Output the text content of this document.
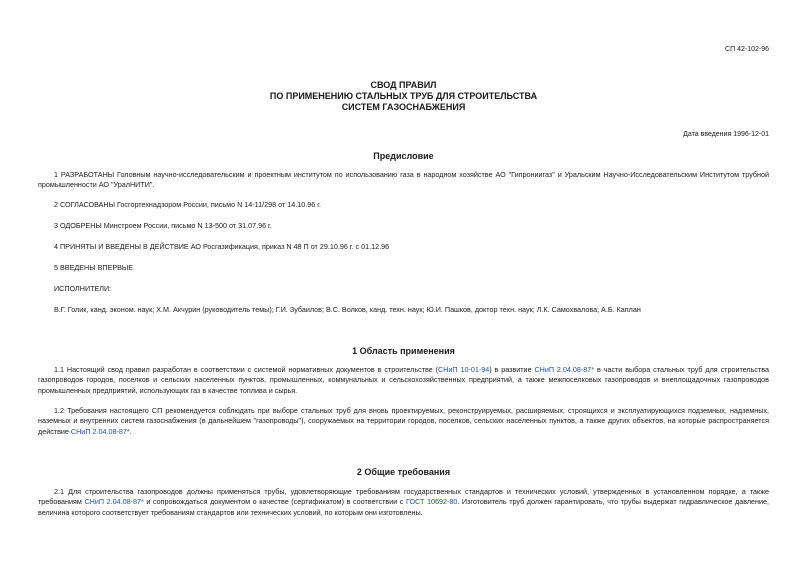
СП 42-102-96
СВОД ПРАВИЛ
ПО ПРИМЕНЕНИЮ СТАЛЬНЫХ ТРУБ ДЛЯ СТРОИТЕЛЬСТВА
СИСТЕМ ГАЗОСНАБЖЕНИЯ
Дата введения 1996-12-01
Предисловие
1 РАЗРАБОТАНЫ Головным научно-исследовательским и проектным институтом по использованию газа в народном хозяйстве АО "Гипрониигаз" и Уральским Научно-Исследовательским Институтом трубной промышленности АО "УралНИТИ".
2 СОГЛАСОВАНЫ Госгортехнадзором России, письмо N 14-11/298 от 14.10.96 г.
3 ОДОБРЕНЫ Минстроем России, письмо N 13-500 от 31.07.96 г.
4 ПРИНЯТЫ И ВВЕДЕНЫ В ДЕЙСТВИЕ АО Росгазификация, приказ N 48 П от 29.10.96 г. с 01.12.96
5 ВВЕДЕНЫ ВПЕРВЫЕ
ИСПОЛНИТЕЛИ:
В.Г. Голик, канд. эконом. наук; Х.М. Акчурин (руководитель темы); Г.И. Зубаилов; В.С. Волков, канд. техн. наук; Ю.И. Пашков, доктор техн. наук; Л.К. Самохвалова; А.Б. Каплан
1 Область применения
1.1 Настоящий свод правил разработан в соответствии с системой нормативных документов в строительстве (СНиП 10-01-94) в развитие СНиП 2.04.08-87* в части выбора стальных труб для строительства газопроводов городов, поселков и сельских населенных пунктов, промышленных, коммунальных и сельскохозяйственных предприятий, а также межпоселковых газопроводов и внеплощадочных газопроводов промышленных предприятий, использующих газ в качестве топлива и сырья.
1.2 Требования настоящего СП рекомендуется соблюдать при выборе стальных труб для вновь проектируемых, реконструируемых, расширяемых, строящихся и эксплуатирующихся подземных, надземных, наземных и внутренних систем газоснабжения (в дальнейшем "газопроводы"), сооружаемых на территории городов, поселков, сельских населенных пунктов, а также других объектов, на которые распространяется действие СНиП 2.04.08-87*.
2 Общие требования
2.1 Для строительства газопроводов должны применяться трубы, удовлетворяющие требованиям государственных стандартов и технических условий, утвержденных в установленном порядке, а также требованиям СНиП 2.04.08-87* и сопровождаться документом о качестве (сертификатом) в соответствии с ГОСТ 10692-80. Изготовитель труб должен гарантировать, что трубы выдержат гидравлическое давление, величина которого соответствует требованиям стандартов или технических условий, по которым они изготовлены.
